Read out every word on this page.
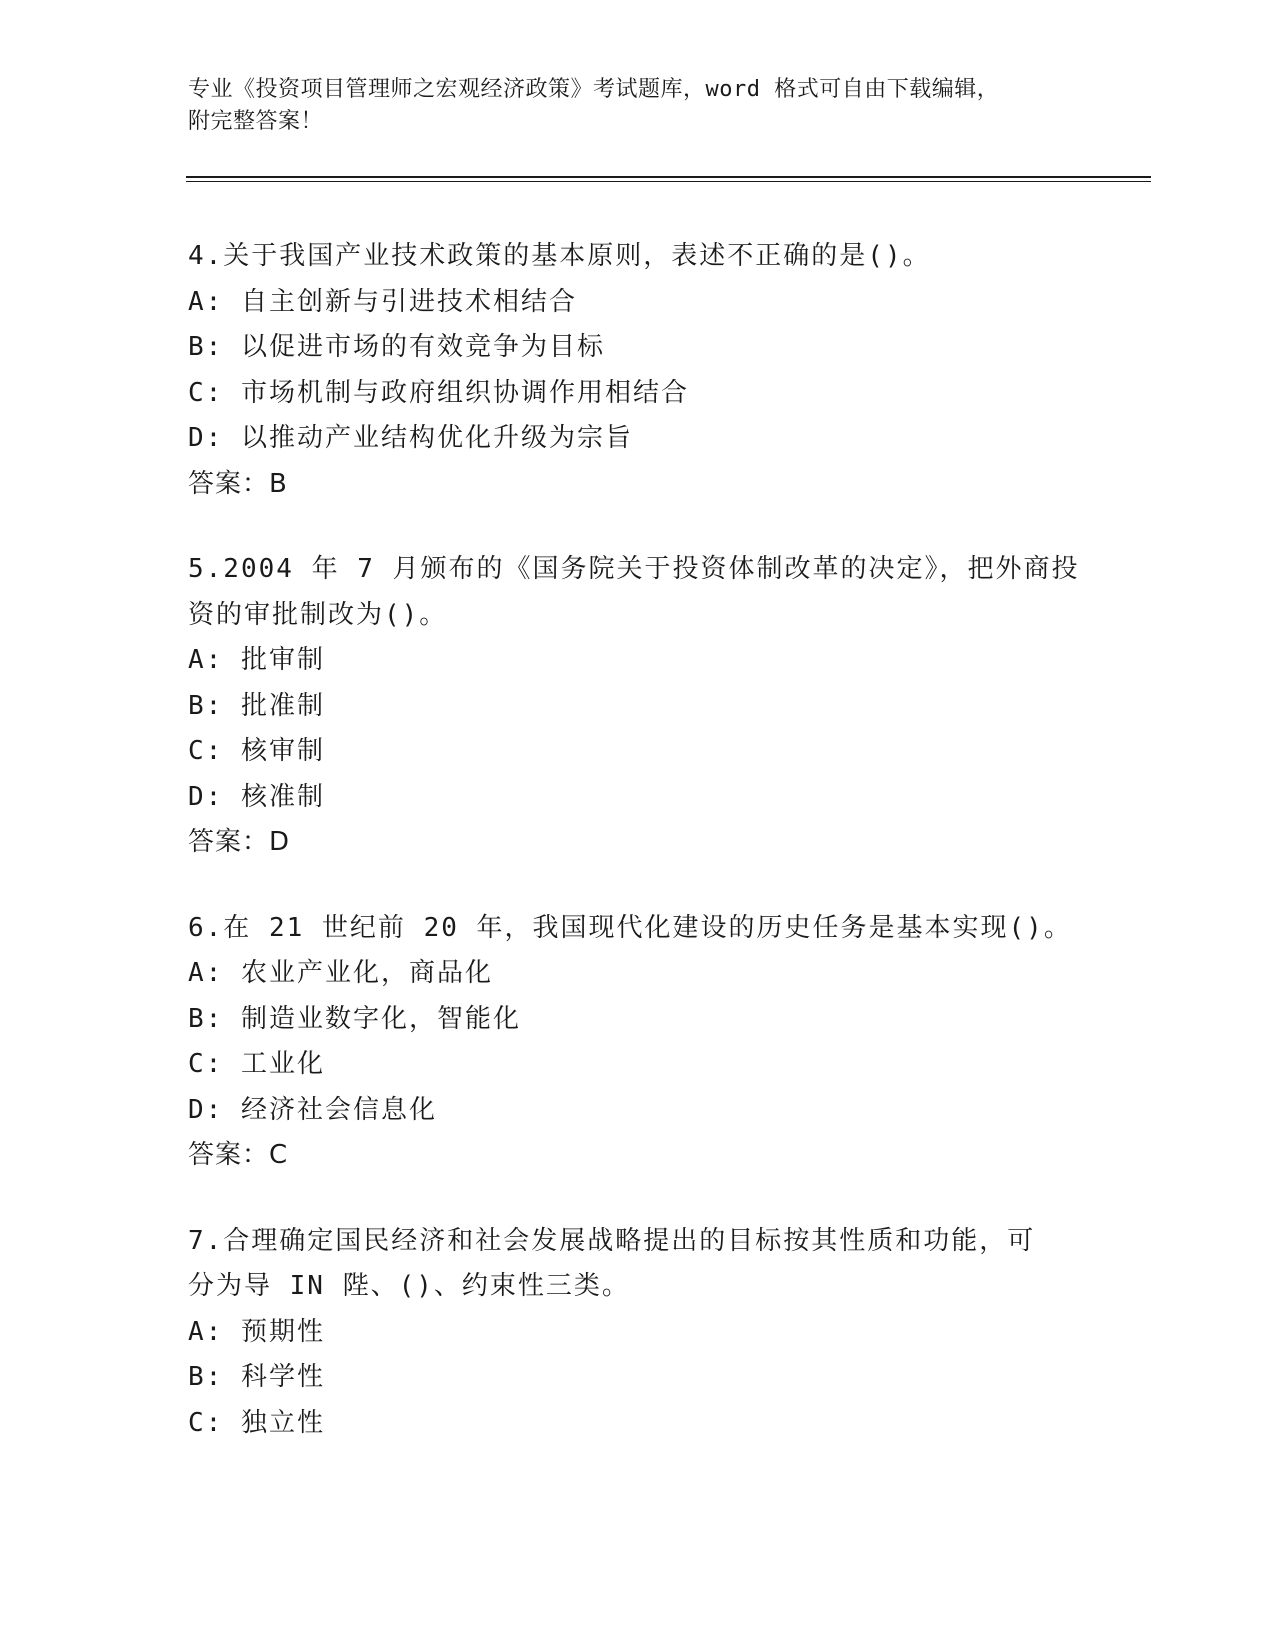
专业《投资项目管理师之宏观经济政策》考试题库，word 格式可自由下载编辑，
附完整答案！
4.关于我国产业技术政策的基本原则，表述不正确的是()。
A: 自主创新与引进技术相结合
B: 以促进市场的有效竞争为目标
C: 市场机制与政府组织协调作用相结合
D: 以推动产业结构优化升级为宗旨
答案：B
5.2004 年 7 月颁布的《国务院关于投资体制改革的决定》，把外商投
资的审批制改为()。
A: 批审制
B: 批准制
C: 核审制
D: 核准制
答案：D
6.在 21 世纪前 20 年，我国现代化建设的历史任务是基本实现()。
A: 农业产业化，商品化
B: 制造业数字化，智能化
C: 工业化
D: 经济社会信息化
答案：C
7.合理确定国民经济和社会发展战略提出的目标按其性质和功能，可
分为导 IN 陛、()、约束性三类。
A: 预期性
B: 科学性
C: 独立性
